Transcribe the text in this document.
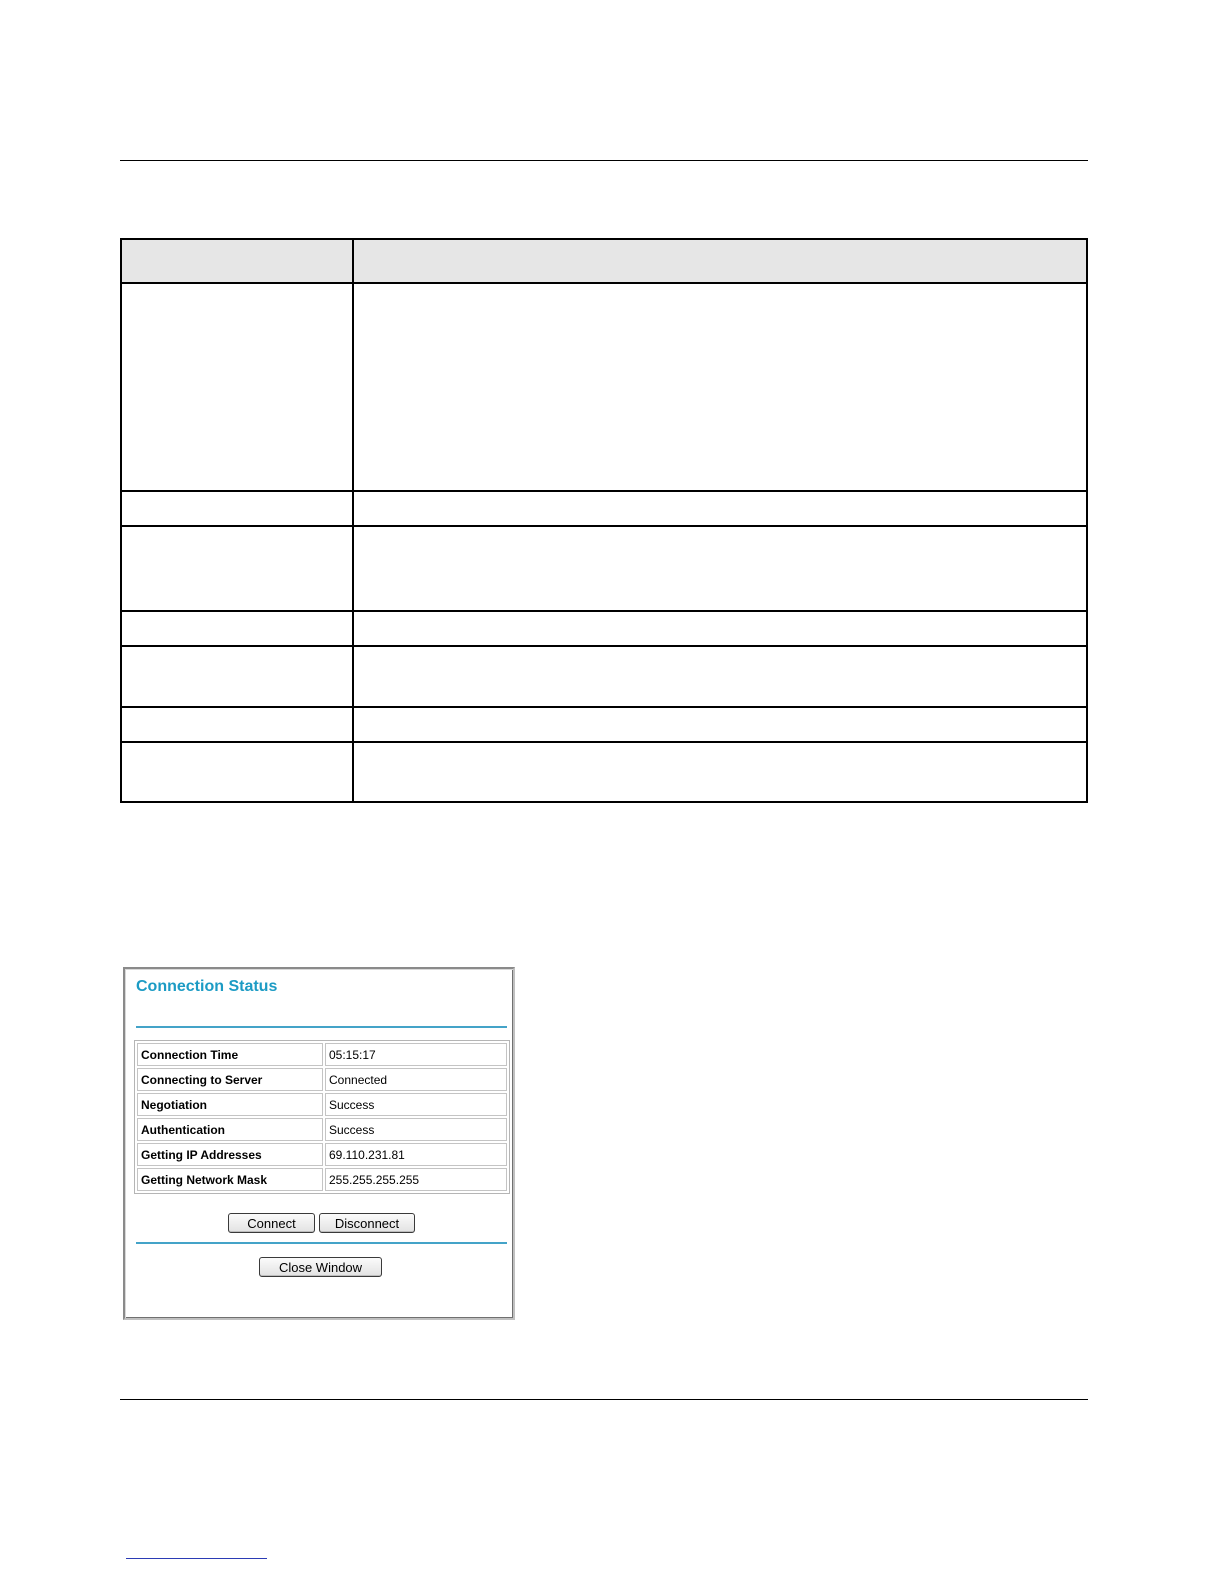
Connection Status
Connection Time	05:15:17
Connecting to Server	Connected
Negotiation	Success
Authentication	Success
Getting IP Addresses	69.110.231.81
Getting Network Mask	255.255.255.255
Connect	Disconnect
Close Window
